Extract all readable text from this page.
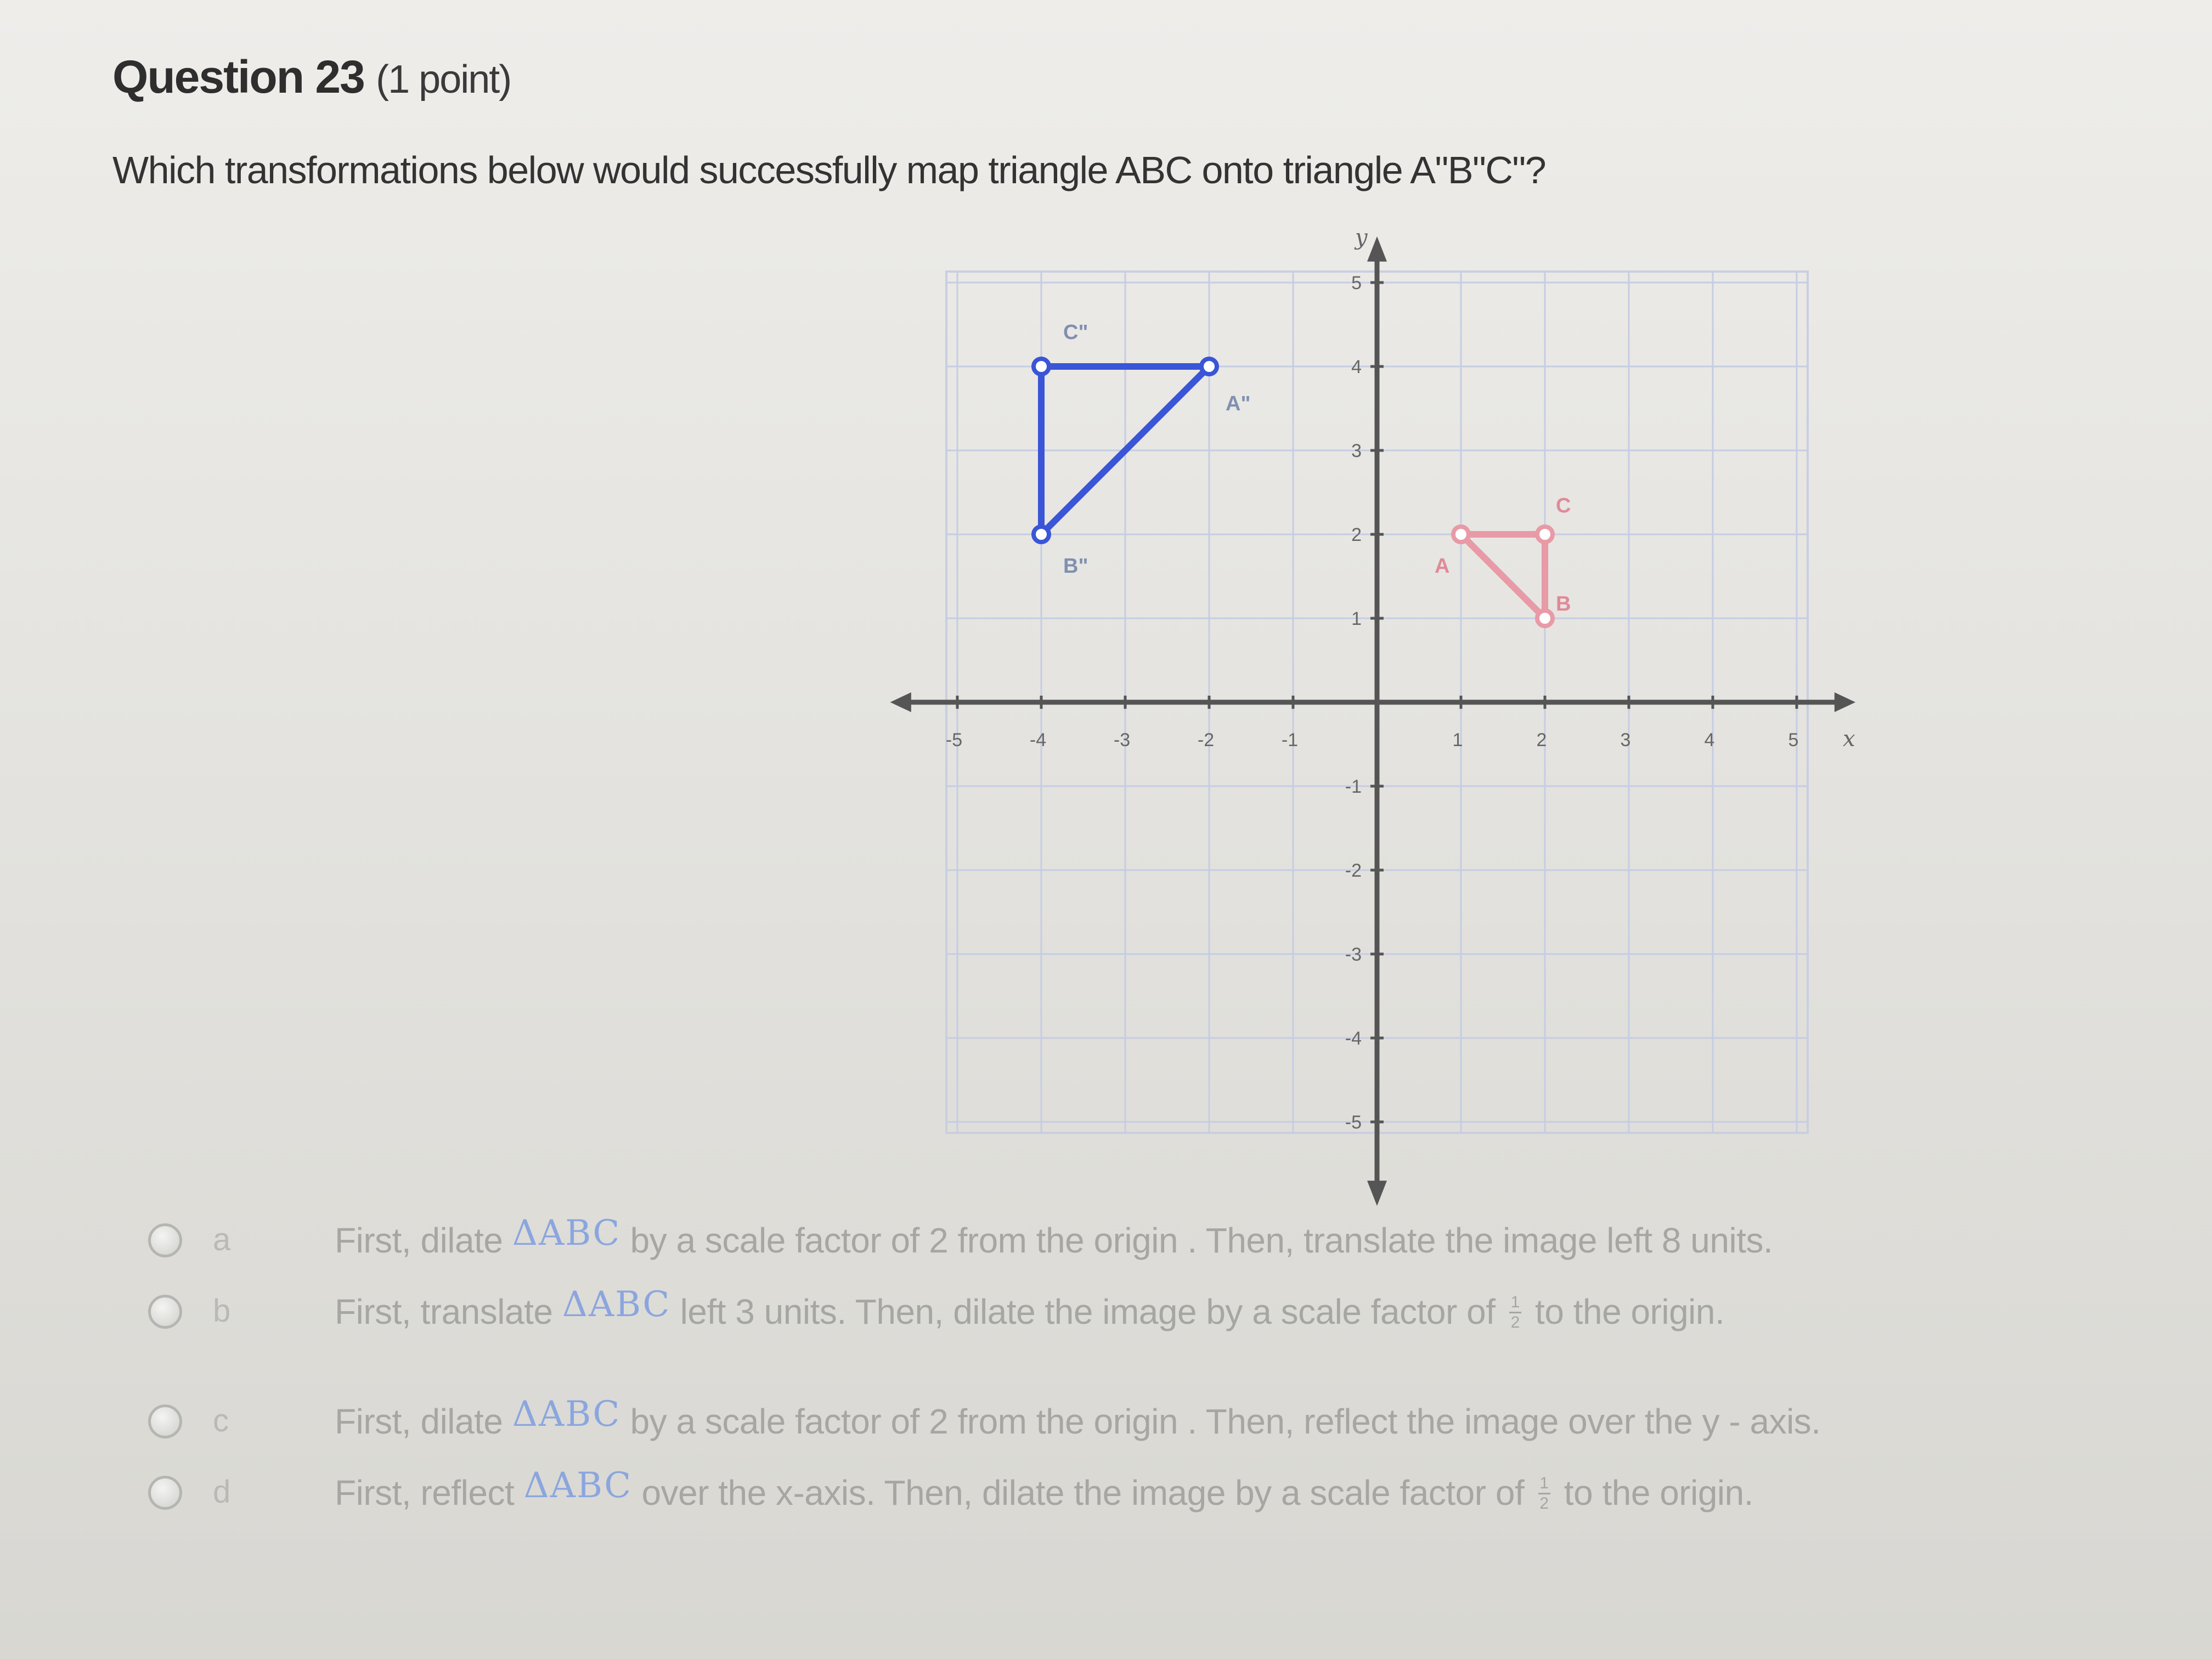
Question 23 (1 point)
Which transformations below would successfully map triangle ABC onto triangle A"B"C"?
-5	-4	-3	-2	-1	1	2	3	4	5
5
4
3
2
1
-1
-2
-3
-4
-5
x
y
A
B
C
A"
B"
C"
a	First, dilate ΔABC by a scale factor of 2 from the origin . Then, translate the image left 8 units.
b	First, translate ΔABC left 3 units. Then, dilate the image by a scale factor of $\frac{1}{2}$ to the origin.
c	First, dilate ΔABC by a scale factor of 2 from the origin . Then, reflect the image over the y - axis.
d	First, reflect ΔABC over the x-axis. Then, dilate the image by a scale factor of $\frac{1}{2}$ to the origin.
